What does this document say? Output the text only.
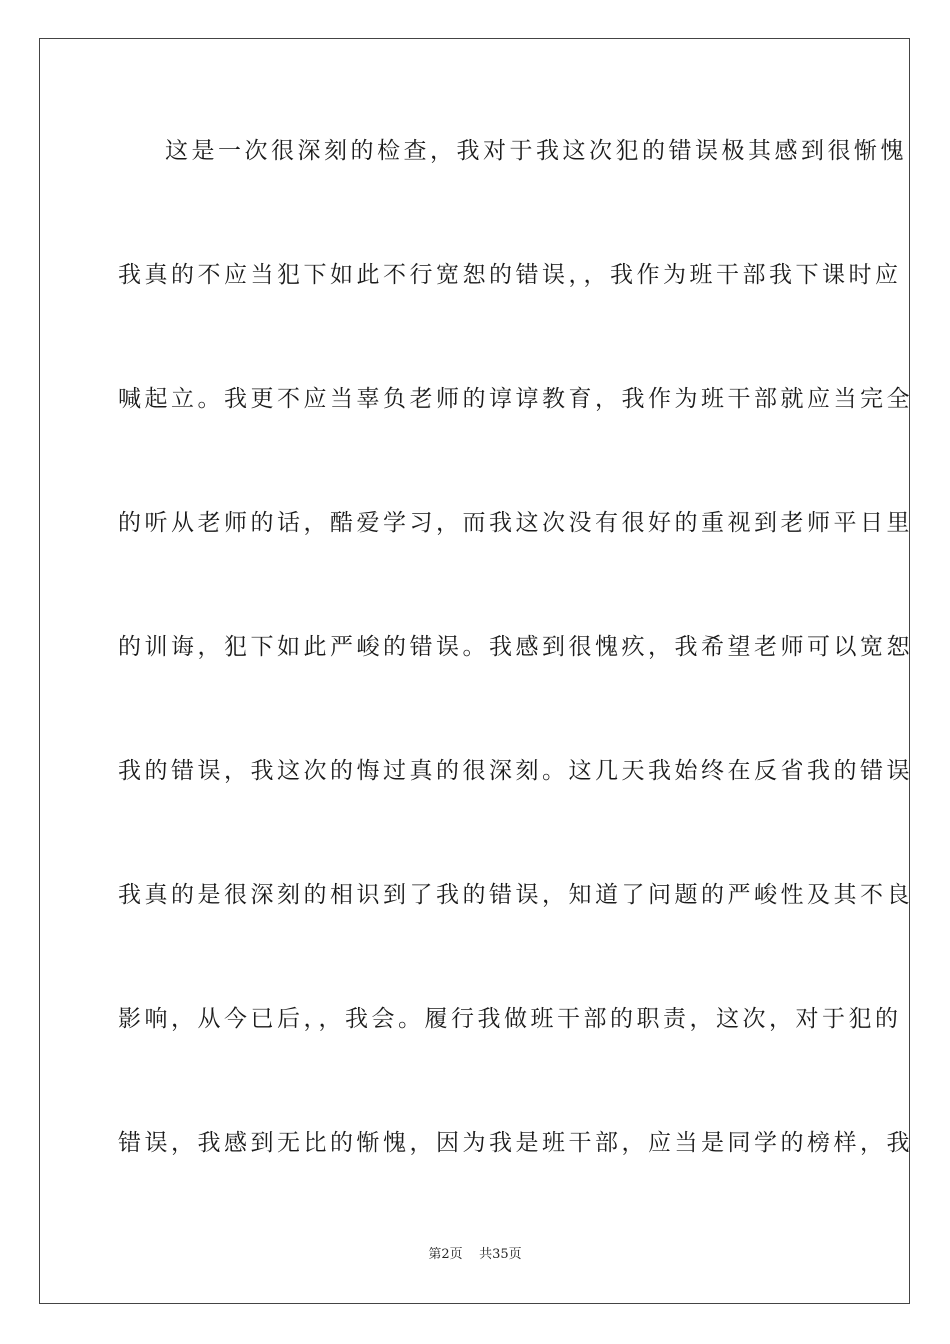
这是一次很深刻的检查，我对于我这次犯的错误极其感到很惭愧
我真的不应当犯下如此不行宽恕的错误，，我作为班干部我下课时应
喊起立。我更不应当辜负老师的谆谆教育，我作为班干部就应当完全
的听从老师的话，酷爱学习，而我这次没有很好的重视到老师平日里
的训诲，犯下如此严峻的错误。我感到很愧疚，我希望老师可以宽恕
我的错误，我这次的悔过真的很深刻。这几天我始终在反省我的错误
我真的是很深刻的相识到了我的错误，知道了问题的严峻性及其不良
影响，从今已后，，我会。履行我做班干部的职责，这次，对于犯的
错误，我感到无比的惭愧，因为我是班干部，应当是同学的榜样，我
第2页    共35页
